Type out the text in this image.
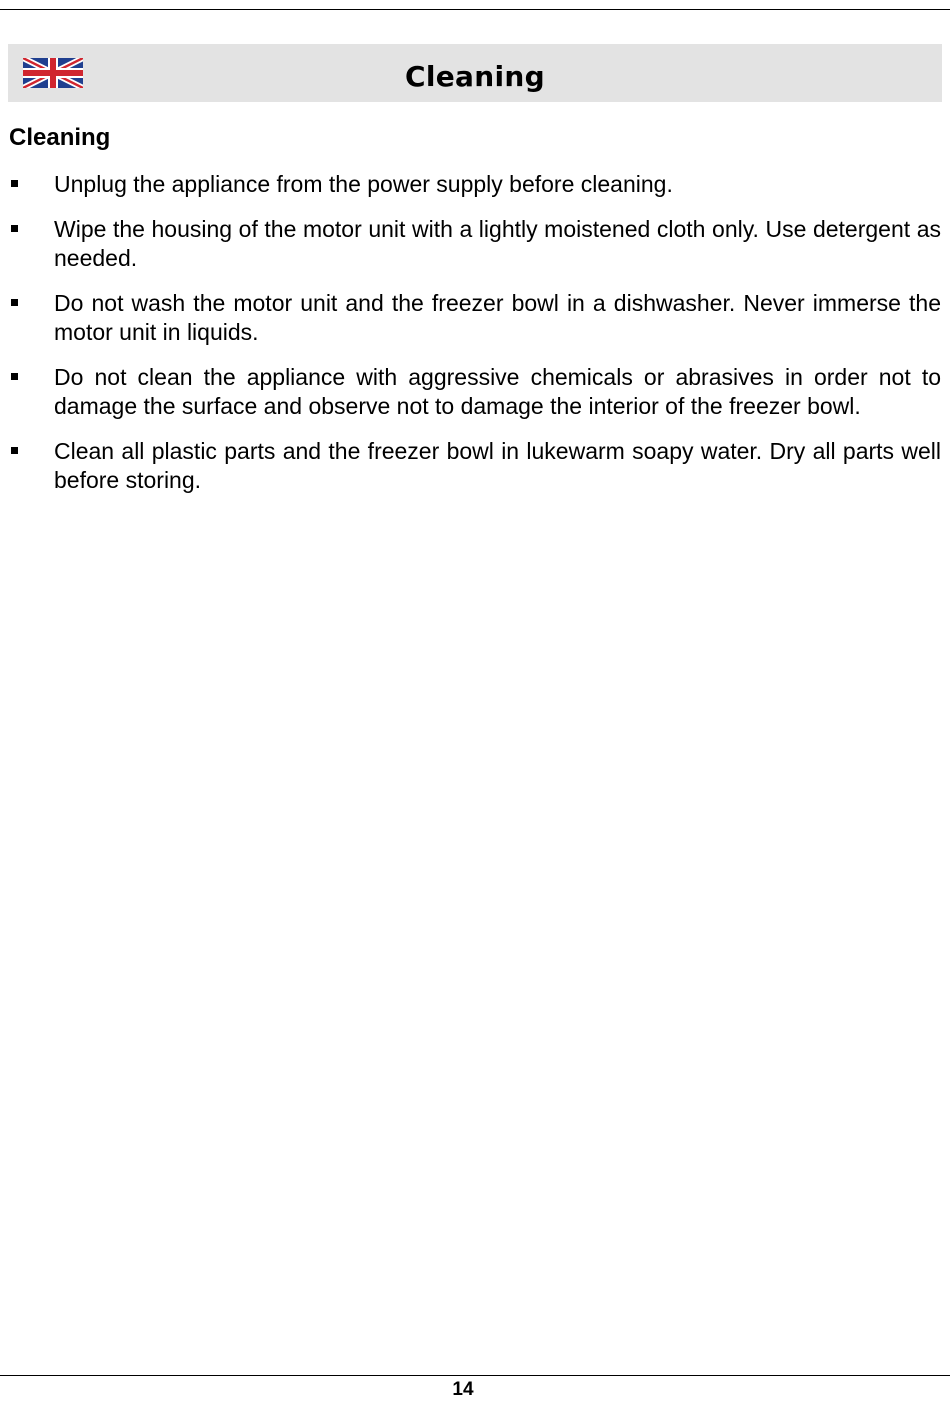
Cleaning
Cleaning
Unplug the appliance from the power supply before cleaning.
Wipe the housing of the motor unit with a lightly moistened cloth only. Use detergent as needed.
Do not wash the motor unit and the freezer bowl in a dishwasher. Never immerse the motor unit in liquids.
Do not clean the appliance with aggressive chemicals or abrasives in order not to damage the surface and observe not to damage the interior of the freezer bowl.
Clean all plastic parts and the freezer bowl in lukewarm soapy water. Dry all parts well before storing.
14
